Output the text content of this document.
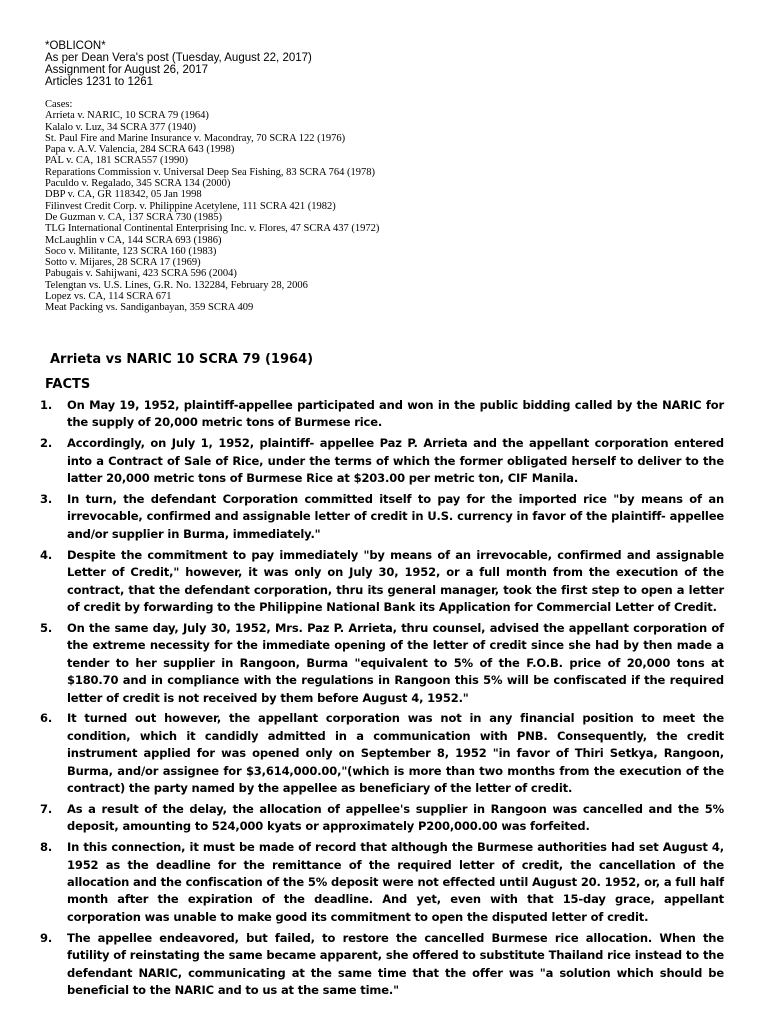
*OBLICON*
As per Dean Vera's post (Tuesday, August 22, 2017)
Assignment for August 26, 2017
Articles 1231 to 1261
Cases:
Arrieta v. NARIC, 10 SCRA 79 (1964)
Kalalo v. Luz, 34 SCRA 377 (1940)
St. Paul Fire and Marine Insurance v. Macondray, 70 SCRA 122 (1976)
Papa v. A.V. Valencia, 284 SCRA 643 (1998)
PAL v. CA, 181 SCRA557 (1990)
Reparations Commission v. Universal Deep Sea Fishing, 83 SCRA 764 (1978)
Paculdo v. Regalado, 345 SCRA 134 (2000)
DBP v. CA, GR 118342, 05 Jan 1998
Filinvest Credit Corp. v. Philippine Acetylene, 111 SCRA 421 (1982)
De Guzman v. CA, 137 SCRA 730 (1985)
TLG International Continental Enterprising Inc. v. Flores, 47 SCRA 437 (1972)
McLaughlin v CA, 144 SCRA 693 (1986)
Soco v. Militante, 123 SCRA 160 (1983)
Sotto v. Mijares, 28 SCRA 17 (1969)
Pabugais v. Sahijwani, 423 SCRA 596 (2004)
Telengtan vs. U.S. Lines, G.R. No. 132284, February 28, 2006
Lopez vs. CA, 114 SCRA 671
Meat Packing vs. Sandiganbayan, 359 SCRA 409
Arrieta vs NARIC 10 SCRA 79 (1964)
FACTS
1. On May 19, 1952, plaintiff-appellee participated and won in the public bidding called by the NARIC for the supply of 20,000 metric tons of Burmese rice.
2. Accordingly, on July 1, 1952, plaintiff- appellee Paz P. Arrieta and the appellant corporation entered into a Contract of Sale of Rice, under the terms of which the former obligated herself to deliver to the latter 20,000 metric tons of Burmese Rice at $203.00 per metric ton, CIF Manila.
3. In turn, the defendant Corporation committed itself to pay for the imported rice "by means of an irrevocable, confirmed and assignable letter of credit in U.S. currency in favor of the plaintiff- appellee and/or supplier in Burma, immediately."
4. Despite the commitment to pay immediately "by means of an irrevocable, confirmed and assignable Letter of Credit," however, it was only on July 30, 1952, or a full month from the execution of the contract, that the defendant corporation, thru its general manager, took the first step to open a letter of credit by forwarding to the Philippine National Bank its Application for Commercial Letter of Credit.
5. On the same day, July 30, 1952, Mrs. Paz P. Arrieta, thru counsel, advised the appellant corporation of the extreme necessity for the immediate opening of the letter of credit since she had by then made a tender to her supplier in Rangoon, Burma "equivalent to 5% of the F.O.B. price of 20,000 tons at $180.70 and in compliance with the regulations in Rangoon this 5% will be confiscated if the required letter of credit is not received by them before August 4, 1952."
6. It turned out however, the appellant corporation was not in any financial position to meet the condition, which it candidly admitted in a communication with PNB. Consequently, the credit instrument applied for was opened only on September 8, 1952 "in favor of Thiri Setkya, Rangoon, Burma, and/or assignee for $3,614,000.00,"(which is more than two months from the execution of the contract) the party named by the appellee as beneficiary of the letter of credit.
7. As a result of the delay, the allocation of appellee's supplier in Rangoon was cancelled and the 5% deposit, amounting to 524,000 kyats or approximately P200,000.00 was forfeited.
8. In this connection, it must be made of record that although the Burmese authorities had set August 4, 1952 as the deadline for the remittance of the required letter of credit, the cancellation of the allocation and the confiscation of the 5% deposit were not effected until August 20. 1952, or, a full half month after the expiration of the deadline. And yet, even with that 15-day grace, appellant corporation was unable to make good its commitment to open the disputed letter of credit.
9. The appellee endeavored, but failed, to restore the cancelled Burmese rice allocation. When the futility of reinstating the same became apparent, she offered to substitute Thailand rice instead to the defendant NARIC, communicating at the same time that the offer was "a solution which should be beneficial to the NARIC and to us at the same time."
